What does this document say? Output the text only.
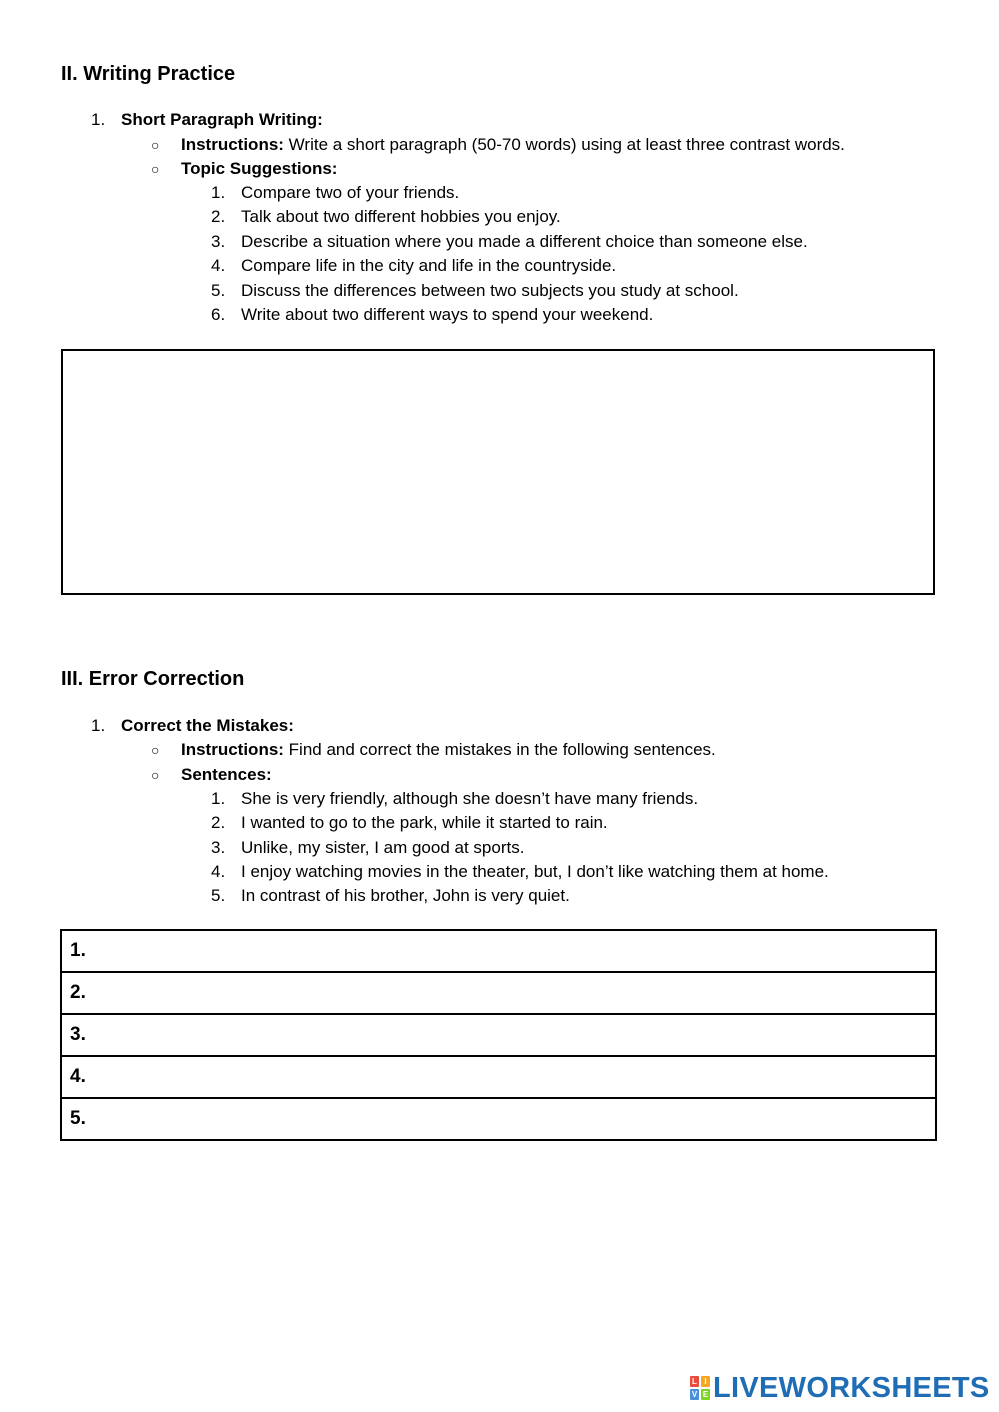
II. Writing Practice
1. Short Paragraph Writing:
○ Instructions: Write a short paragraph (50-70 words) using at least three contrast words.
○ Topic Suggestions:
1. Compare two of your friends.
2. Talk about two different hobbies you enjoy.
3. Describe a situation where you made a different choice than someone else.
4. Compare life in the city and life in the countryside.
5. Discuss the differences between two subjects you study at school.
6. Write about two different ways to spend your weekend.
III. Error Correction
1. Correct the Mistakes:
○ Instructions: Find and correct the mistakes in the following sentences.
○ Sentences:
1. She is very friendly, although she doesn’t have many friends.
2. I wanted to go to the park, while it started to rain.
3. Unlike, my sister, I am good at sports.
4. I enjoy watching movies in the theater, but, I don’t like watching them at home.
5. In contrast of his brother, John is very quiet.
1.
2.
3.
4.
5.
L I
V E LIVEWORKSHEETS
